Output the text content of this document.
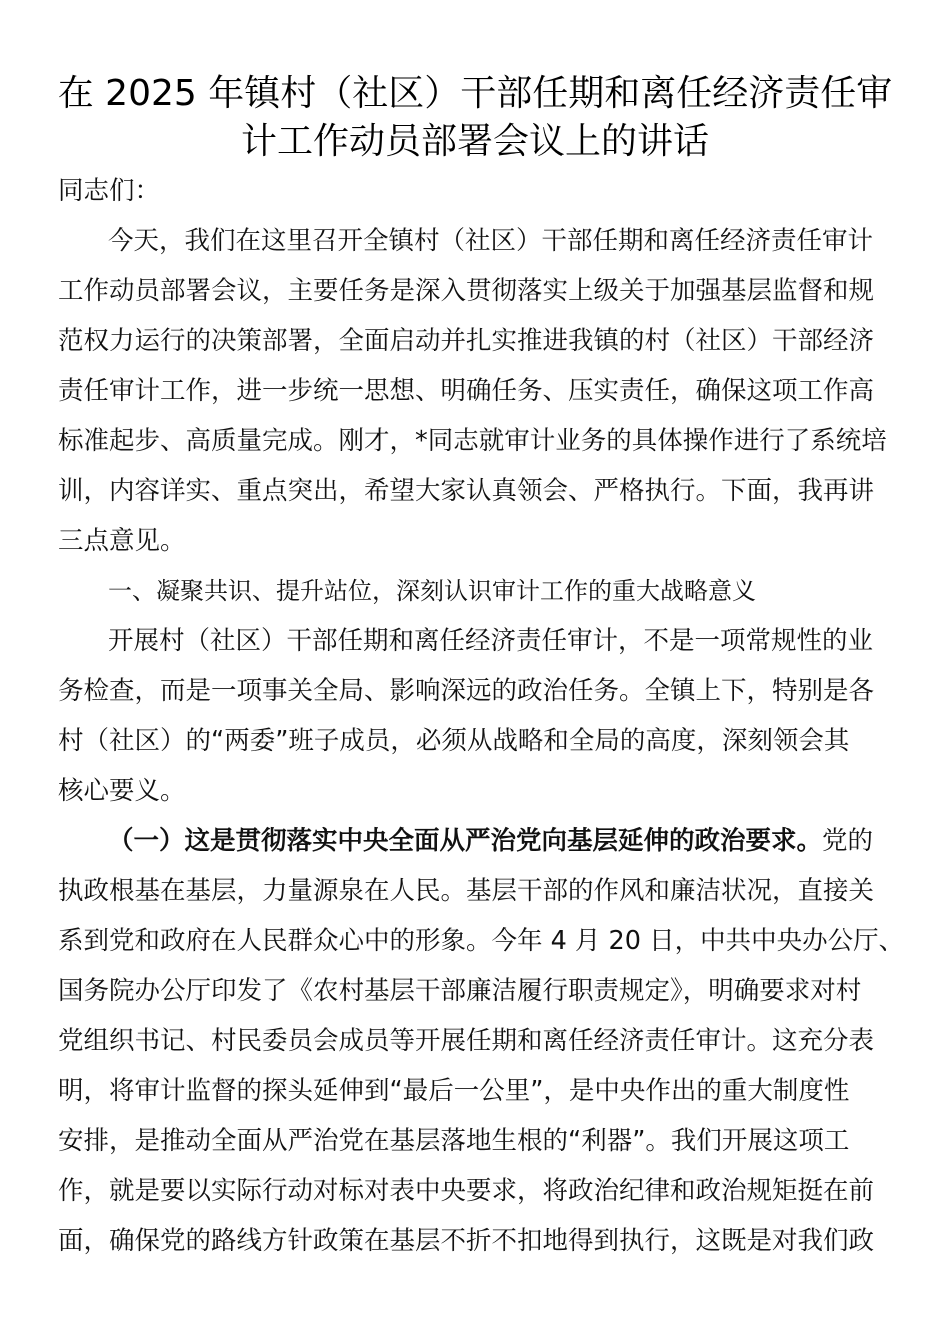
在 2025 年镇村（社区）干部任期和离任经济责任审
计工作动员部署会议上的讲话

同志们：

今天，我们在这里召开全镇村（社区）干部任期和离任经济责任审计

工作动员部署会议，主要任务是深入贯彻落实上级关于加强基层监督和规

范权力运行的决策部署，全面启动并扎实推进我镇的村（社区）干部经济

责任审计工作，进一步统一思想、明确任务、压实责任，确保这项工作高

标准起步、高质量完成。刚才，*同志就审计业务的具体操作进行了系统培

训，内容详实、重点突出，希望大家认真领会、严格执行。下面，我再讲

三点意见。

一、凝聚共识、提升站位，深刻认识审计工作的重大战略意义

开展村（社区）干部任期和离任经济责任审计，不是一项常规性的业

务检查，而是一项事关全局、影响深远的政治任务。全镇上下，特别是各

村（社区）的“两委”班子成员，必须从战略和全局的高度，深刻领会其

核心要义。

（一）这是贯彻落实中央全面从严治党向基层延伸的政治要求。党的

执政根基在基层，力量源泉在人民。基层干部的作风和廉洁状况，直接关

系到党和政府在人民群众心中的形象。今年 4 月 20 日，中共中央办公厅、

国务院办公厅印发了《农村基层干部廉洁履行职责规定》，明确要求对村

党组织书记、村民委员会成员等开展任期和离任经济责任审计。这充分表

明，将审计监督的探头延伸到“最后一公里”，是中央作出的重大制度性

安排，是推动全面从严治党在基层落地生根的“利器”。我们开展这项工

作，就是要以实际行动对标对表中央要求，将政治纪律和政治规矩挺在前

面，确保党的路线方针政策在基层不折不扣地得到执行，这既是对我们政
